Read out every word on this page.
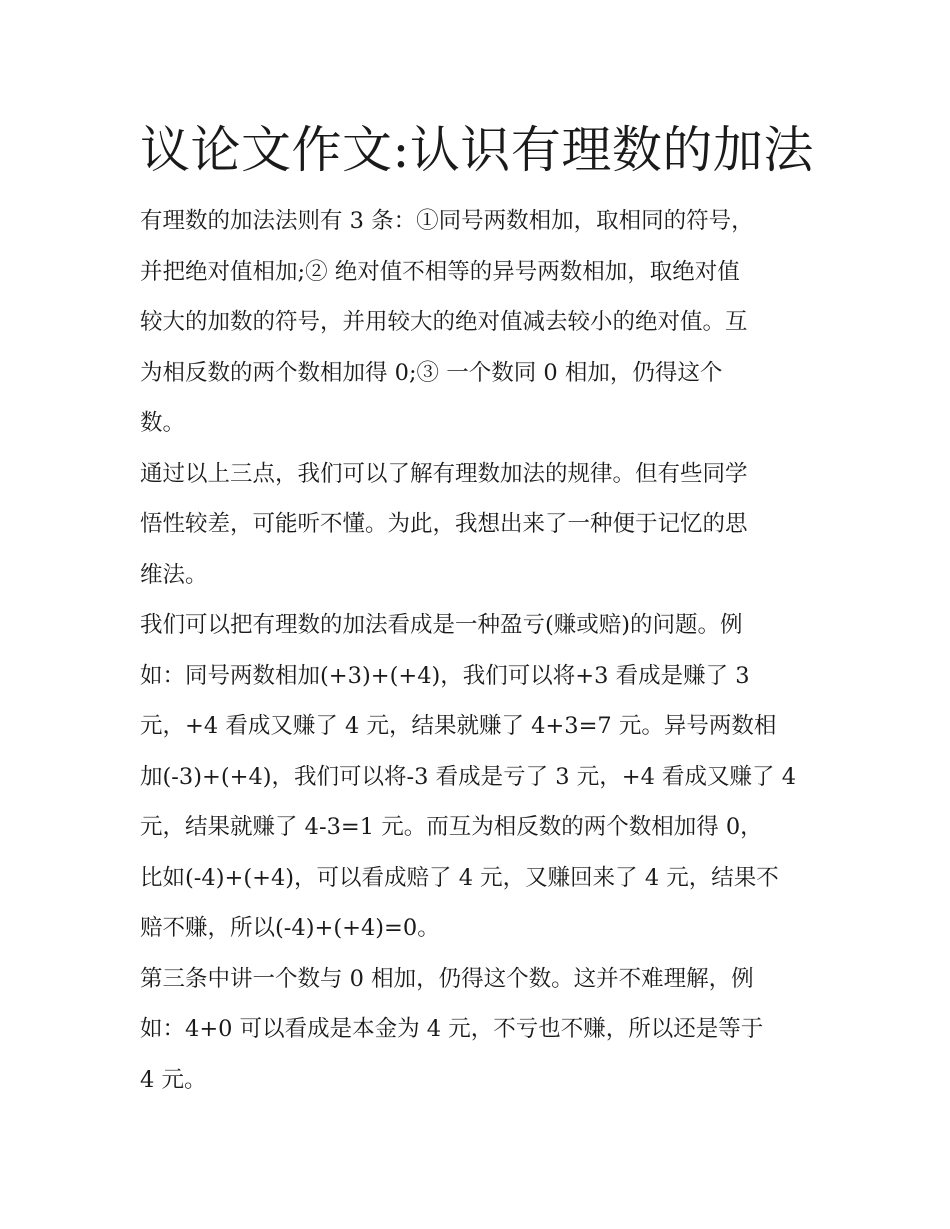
议论文作文:认识有理数的加法

有理数的加法法则有 3 条：①同号两数相加，取相同的符号，
并把绝对值相加;② 绝对值不相等的异号两数相加，取绝对值
较大的加数的符号，并用较大的绝对值减去较小的绝对值。互
为相反数的两个数相加得 0;③ 一个数同 0 相加，仍得这个
数。

通过以上三点，我们可以了解有理数加法的规律。但有些同学
悟性较差，可能听不懂。为此，我想出来了一种便于记忆的思
维法。

我们可以把有理数的加法看成是一种盈亏(赚或赔)的问题。例
如：同号两数相加(+3)+(+4)，我们可以将+3 看成是赚了 3
元，+4 看成又赚了 4 元，结果就赚了 4+3=7 元。异号两数相
加(-3)+(+4)，我们可以将-3 看成是亏了 3 元，+4 看成又赚了 4
元，结果就赚了 4-3=1 元。而互为相反数的两个数相加得 0，
比如(-4)+(+4)，可以看成赔了 4 元，又赚回来了 4 元，结果不
赔不赚，所以(-4)+(+4)=0。

第三条中讲一个数与 0 相加，仍得这个数。这并不难理解，例
如：4+0 可以看成是本金为 4 元，不亏也不赚，所以还是等于
4 元。
